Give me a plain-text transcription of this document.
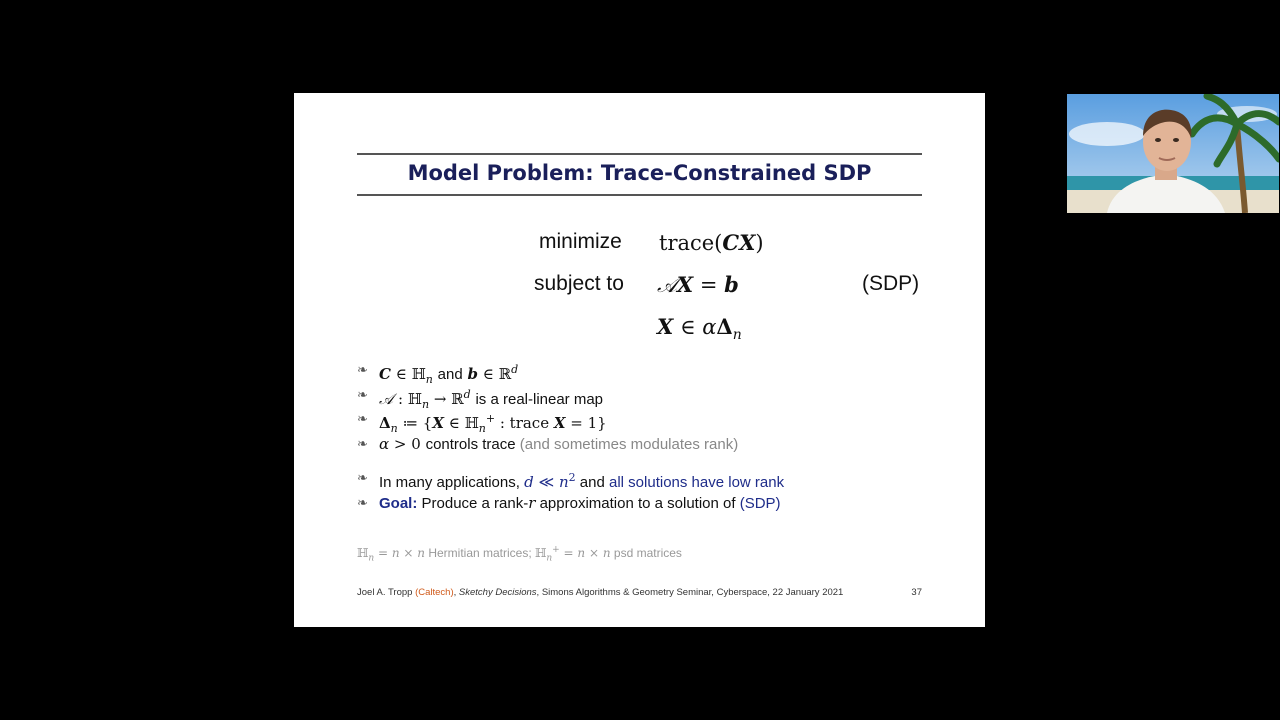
Model Problem: Trace-Constrained SDP
minimize trace(CX)
subject to 𝒜X = b	(SDP)
X ∈ $\alpha\Delta_n$
❧ C ∈ ℍ$_n$ and b ∈ ℝ$^d$
❧ 𝒜 : ℍ$_n$ → ℝ$^d$ is a real-linear map
❧ $\Delta_n$ ≔ {X ∈ ℍ$_n$+ : trace X = 1}
❧ α > 0 controls trace (and sometimes modulates rank)
❧ In many applications, d ≪ $n^2$ and all solutions have low rank
❧ Goal: Produce a rank-r approximation to a solution of (SDP)
ℍ$_n$ = n × n Hermitian matrices; ℍ$_n$+ = n × n psd matrices
Joel A. Tropp (Caltech), Sketchy Decisions, Simons Algorithms & Geometry Seminar, Cyberspace, 22 January 2021	37
